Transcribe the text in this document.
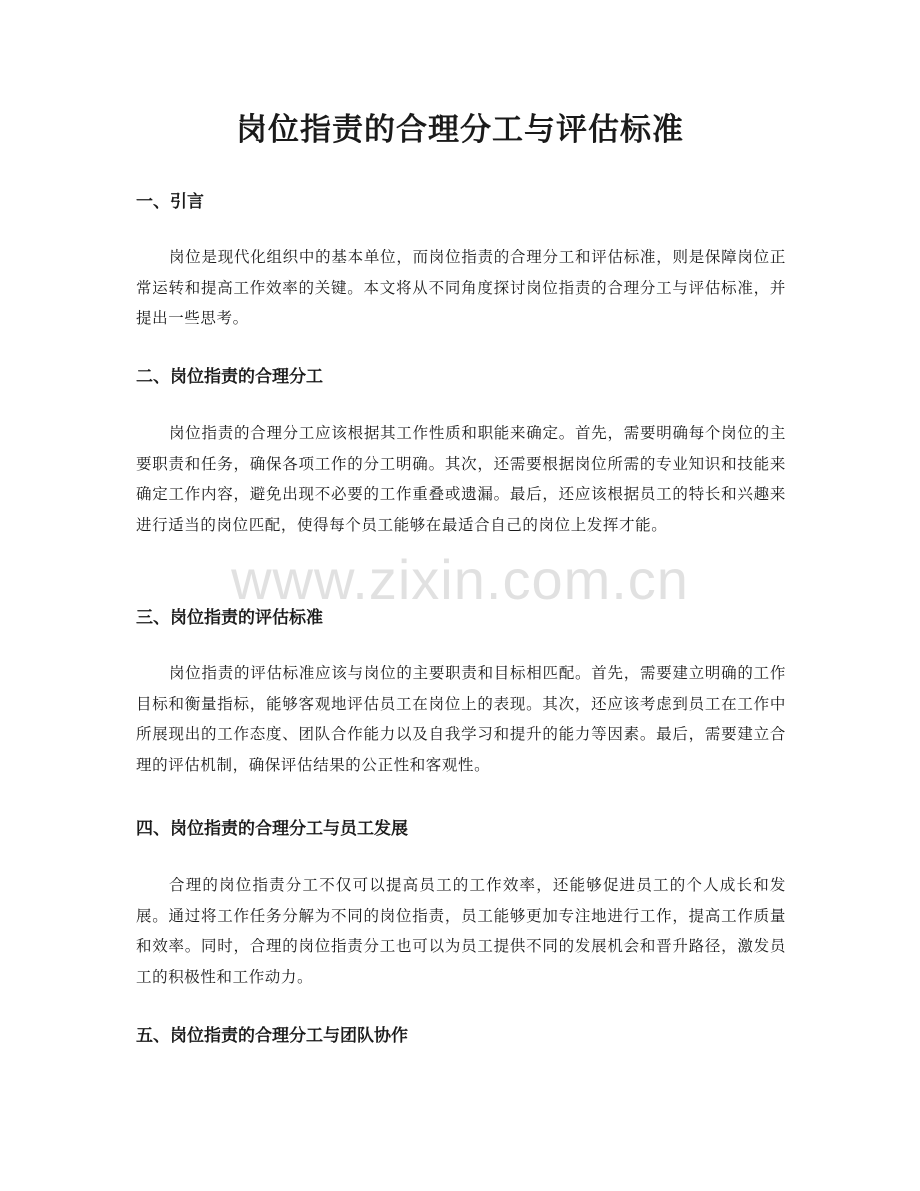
岗位指责的合理分工与评估标准
一、引言

岗位是现代化组织中的基本单位，而岗位指责的合理分工和评估标准，则是保障岗位正常运转和提高工作效率的关键。本文将从不同角度探讨岗位指责的合理分工与评估标准，并提出一些思考。

二、岗位指责的合理分工

岗位指责的合理分工应该根据其工作性质和职能来确定。首先，需要明确每个岗位的主要职责和任务，确保各项工作的分工明确。其次，还需要根据岗位所需的专业知识和技能来确定工作内容，避免出现不必要的工作重叠或遗漏。最后，还应该根据员工的特长和兴趣来进行适当的岗位匹配，使得每个员工能够在最适合自己的岗位上发挥才能。

三、岗位指责的评估标准

岗位指责的评估标准应该与岗位的主要职责和目标相匹配。首先，需要建立明确的工作目标和衡量指标，能够客观地评估员工在岗位上的表现。其次，还应该考虑到员工在工作中所展现出的工作态度、团队合作能力以及自我学习和提升的能力等因素。最后，需要建立合理的评估机制，确保评估结果的公正性和客观性。

四、岗位指责的合理分工与员工发展

合理的岗位指责分工不仅可以提高员工的工作效率，还能够促进员工的个人成长和发展。通过将工作任务分解为不同的岗位指责，员工能够更加专注地进行工作，提高工作质量和效率。同时，合理的岗位指责分工也可以为员工提供不同的发展机会和晋升路径，激发员工的积极性和工作动力。

五、岗位指责的合理分工与团队协作
www.zixin.com.cn
